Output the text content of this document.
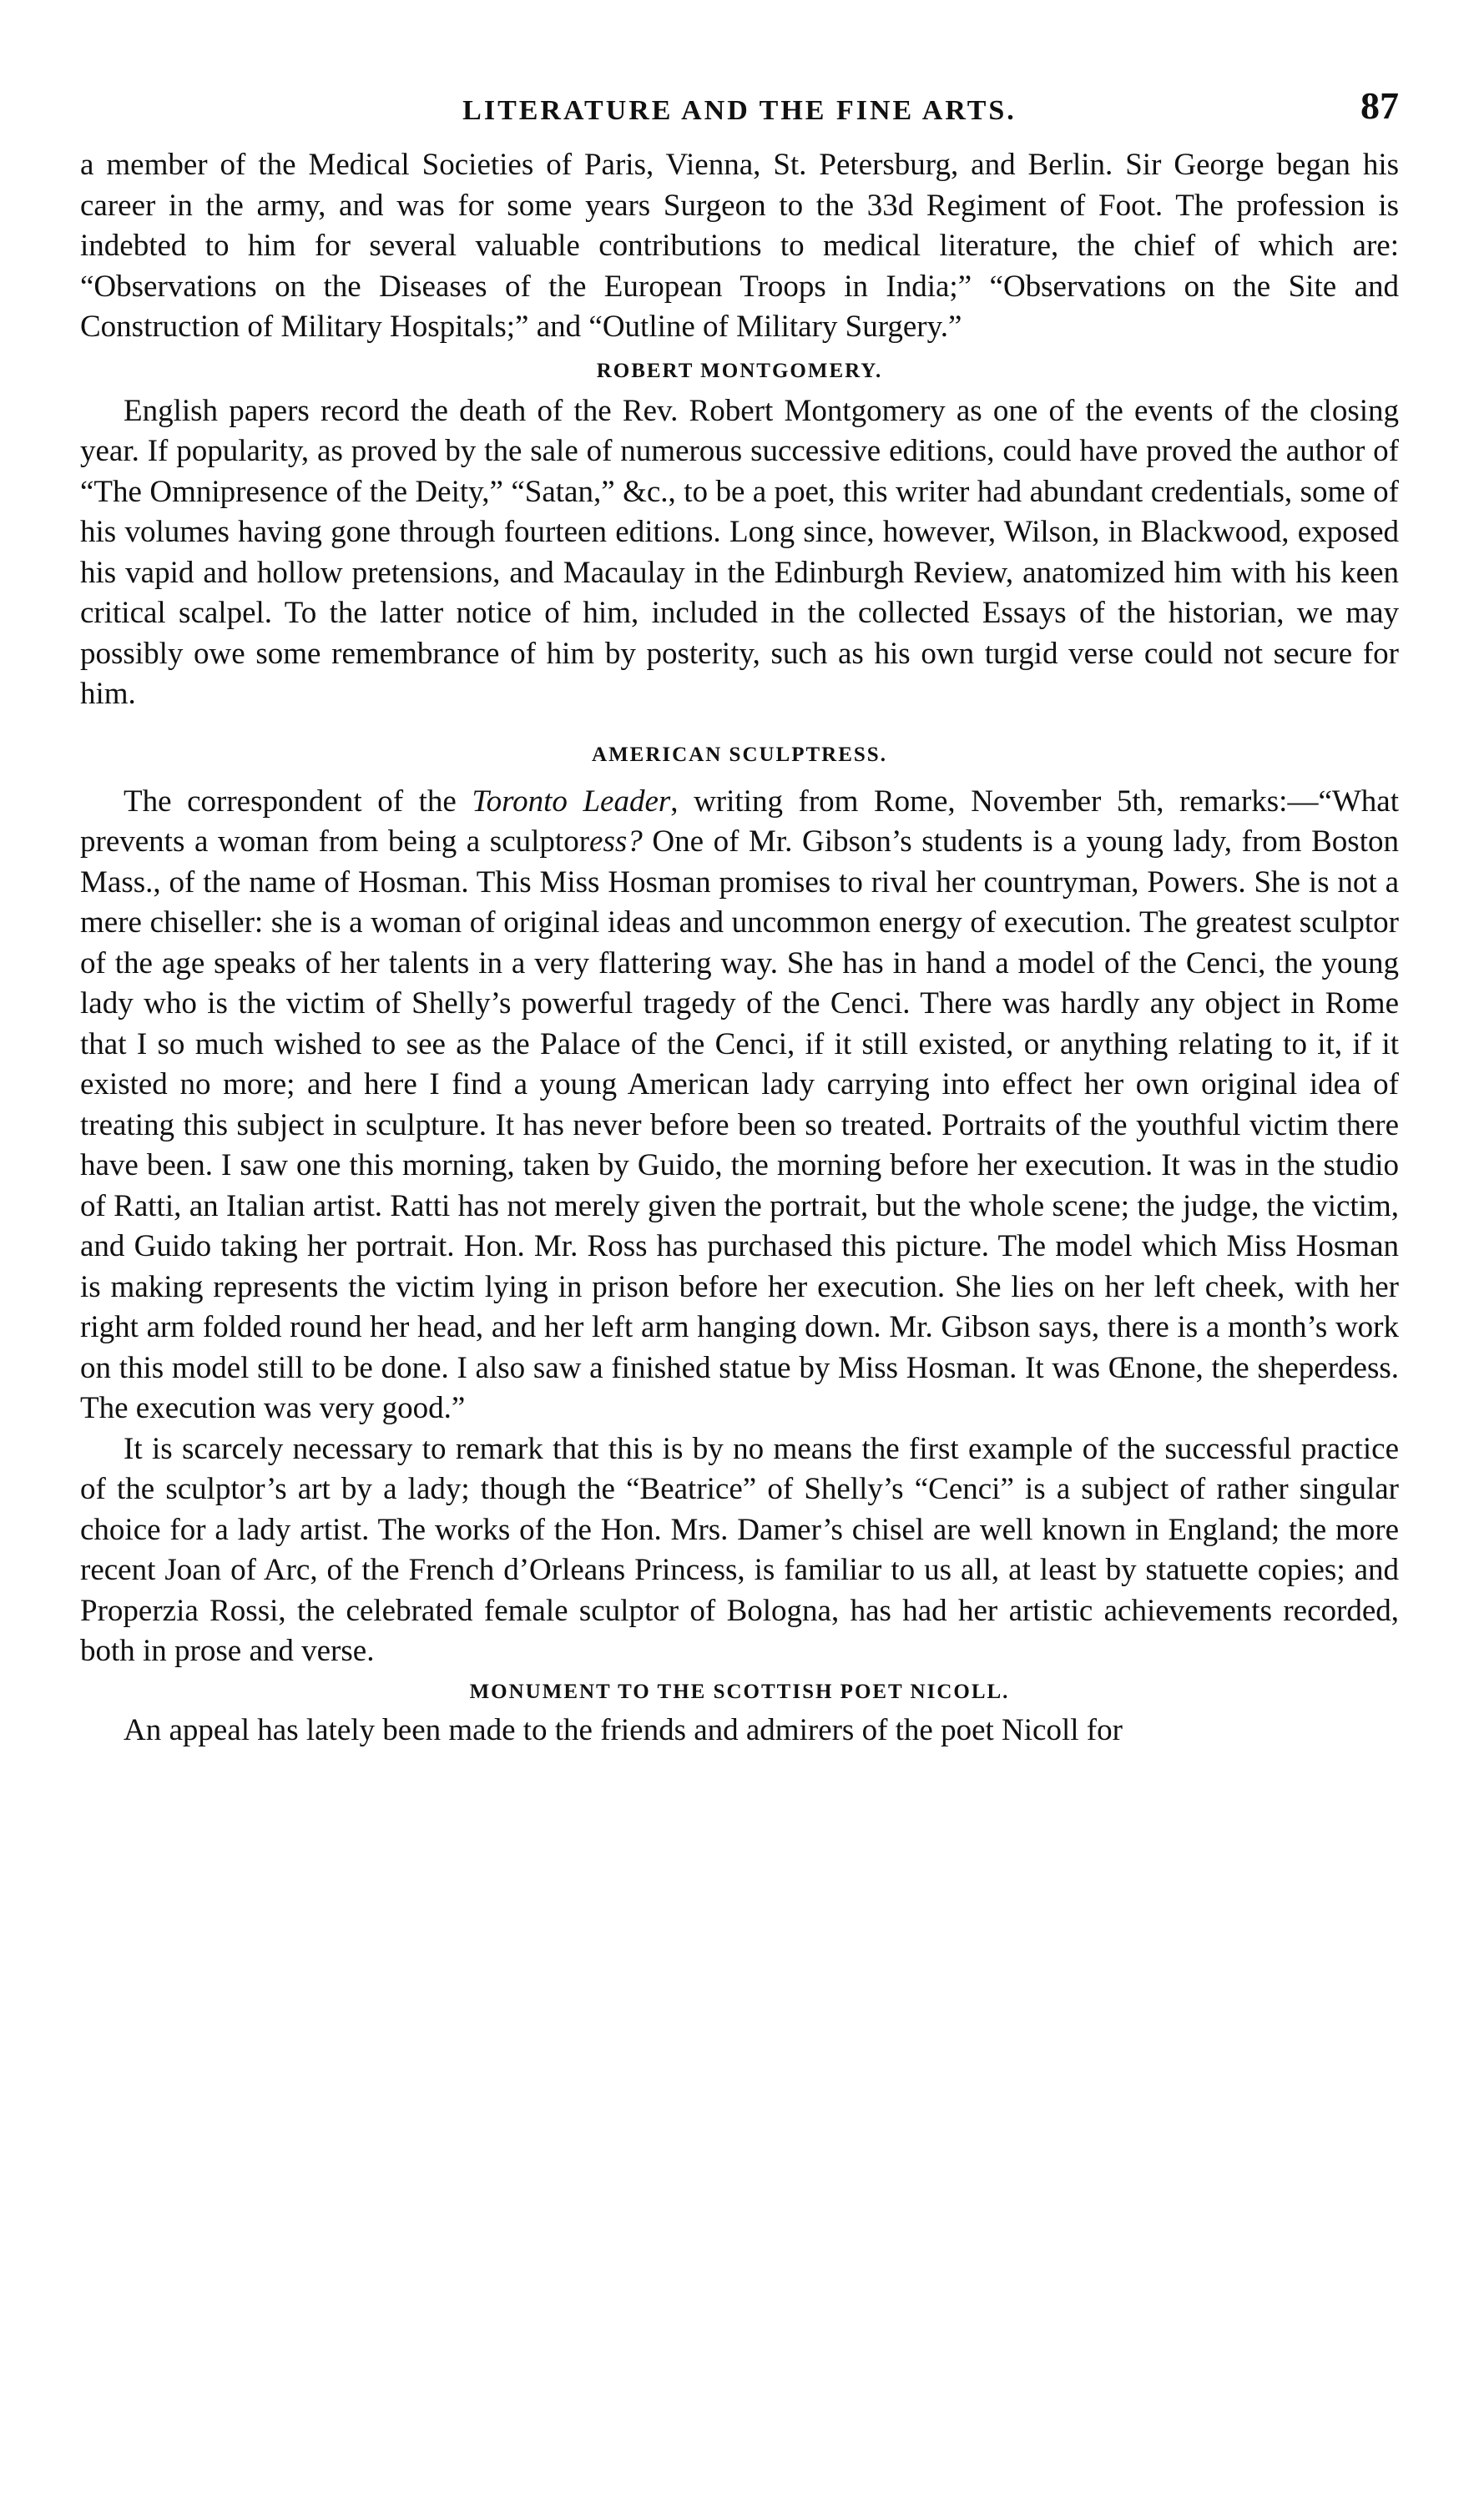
LITERATURE AND THE FINE ARTS.	87

a member of the Medical Societies of Paris, Vienna, St. Petersburg, and Berlin. Sir George began his career in the army, and was for some years Surgeon to the 33d Regiment of Foot. The profession is indebted to him for several valuable contributions to medical literature, the chief of which are: “Observations on the Diseases of the European Troops in India;” “Observations on the Site and Construction of Military Hospitals;” and “Outline of Military Surgery.”

ROBERT MONTGOMERY.

English papers record the death of the Rev. Robert Montgomery as one of the events of the closing year. If popularity, as proved by the sale of numerous successive editions, could have proved the author of “The Omnipresence of the Deity,” “Satan,” &c., to be a poet, this writer had abundant credentials, some of his volumes having gone through fourteen editions. Long since, however, Wilson, in Blackwood, exposed his vapid and hollow pretensions, and Macaulay in the Edinburgh Review, anatomized him with his keen critical scalpel. To the latter notice of him, included in the collected Essays of the historian, we may possibly owe some remembrance of him by posterity, such as his own turgid verse could not secure for him.

AMERICAN SCULPTRESS.

The correspondent of the Toronto Leader, writing from Rome, November 5th, remarks:—“What prevents a woman from being a sculptoress? One of Mr. Gibson’s students is a young lady, from Boston Mass., of the name of Hosman. This Miss Hosman promises to rival her countryman, Powers. She is not a mere chiseller: she is a woman of original ideas and uncommon energy of execution. The greatest sculptor of the age speaks of her talents in a very flattering way. She has in hand a model of the Cenci, the young lady who is the victim of Shelly’s powerful tragedy of the Cenci. There was hardly any object in Rome that I so much wished to see as the Palace of the Cenci, if it still existed, or anything relating to it, if it existed no more; and here I find a young American lady carrying into effect her own original idea of treating this subject in sculpture. It has never before been so treated. Portraits of the youthful victim there have been. I saw one this morning, taken by Guido, the morning before her execution. It was in the studio of Ratti, an Italian artist. Ratti has not merely given the portrait, but the whole scene; the judge, the victim, and Guido taking her portrait. Hon. Mr. Ross has purchased this picture. The model which Miss Hosman is making represents the victim lying in prison before her execution. She lies on her left cheek, with her right arm folded round her head, and her left arm hanging down. Mr. Gibson says, there is a month’s work on this model still to be done. I also saw a finished statue by Miss Hosman. It was Œnone, the sheperdess. The execution was very good.”

It is scarcely necessary to remark that this is by no means the first example of the successful practice of the sculptor’s art by a lady; though the “Beatrice” of Shelly’s “Cenci” is a subject of rather singular choice for a lady artist. The works of the Hon. Mrs. Damer’s chisel are well known in England; the more recent Joan of Arc, of the French d’Orleans Princess, is familiar to us all, at least by statuette copies; and Properzia Rossi, the celebrated female sculptor of Bologna, has had her artistic achievements recorded, both in prose and verse.

MONUMENT TO THE SCOTTISH POET NICOLL.

An appeal has lately been made to the friends and admirers of the poet Nicoll for
